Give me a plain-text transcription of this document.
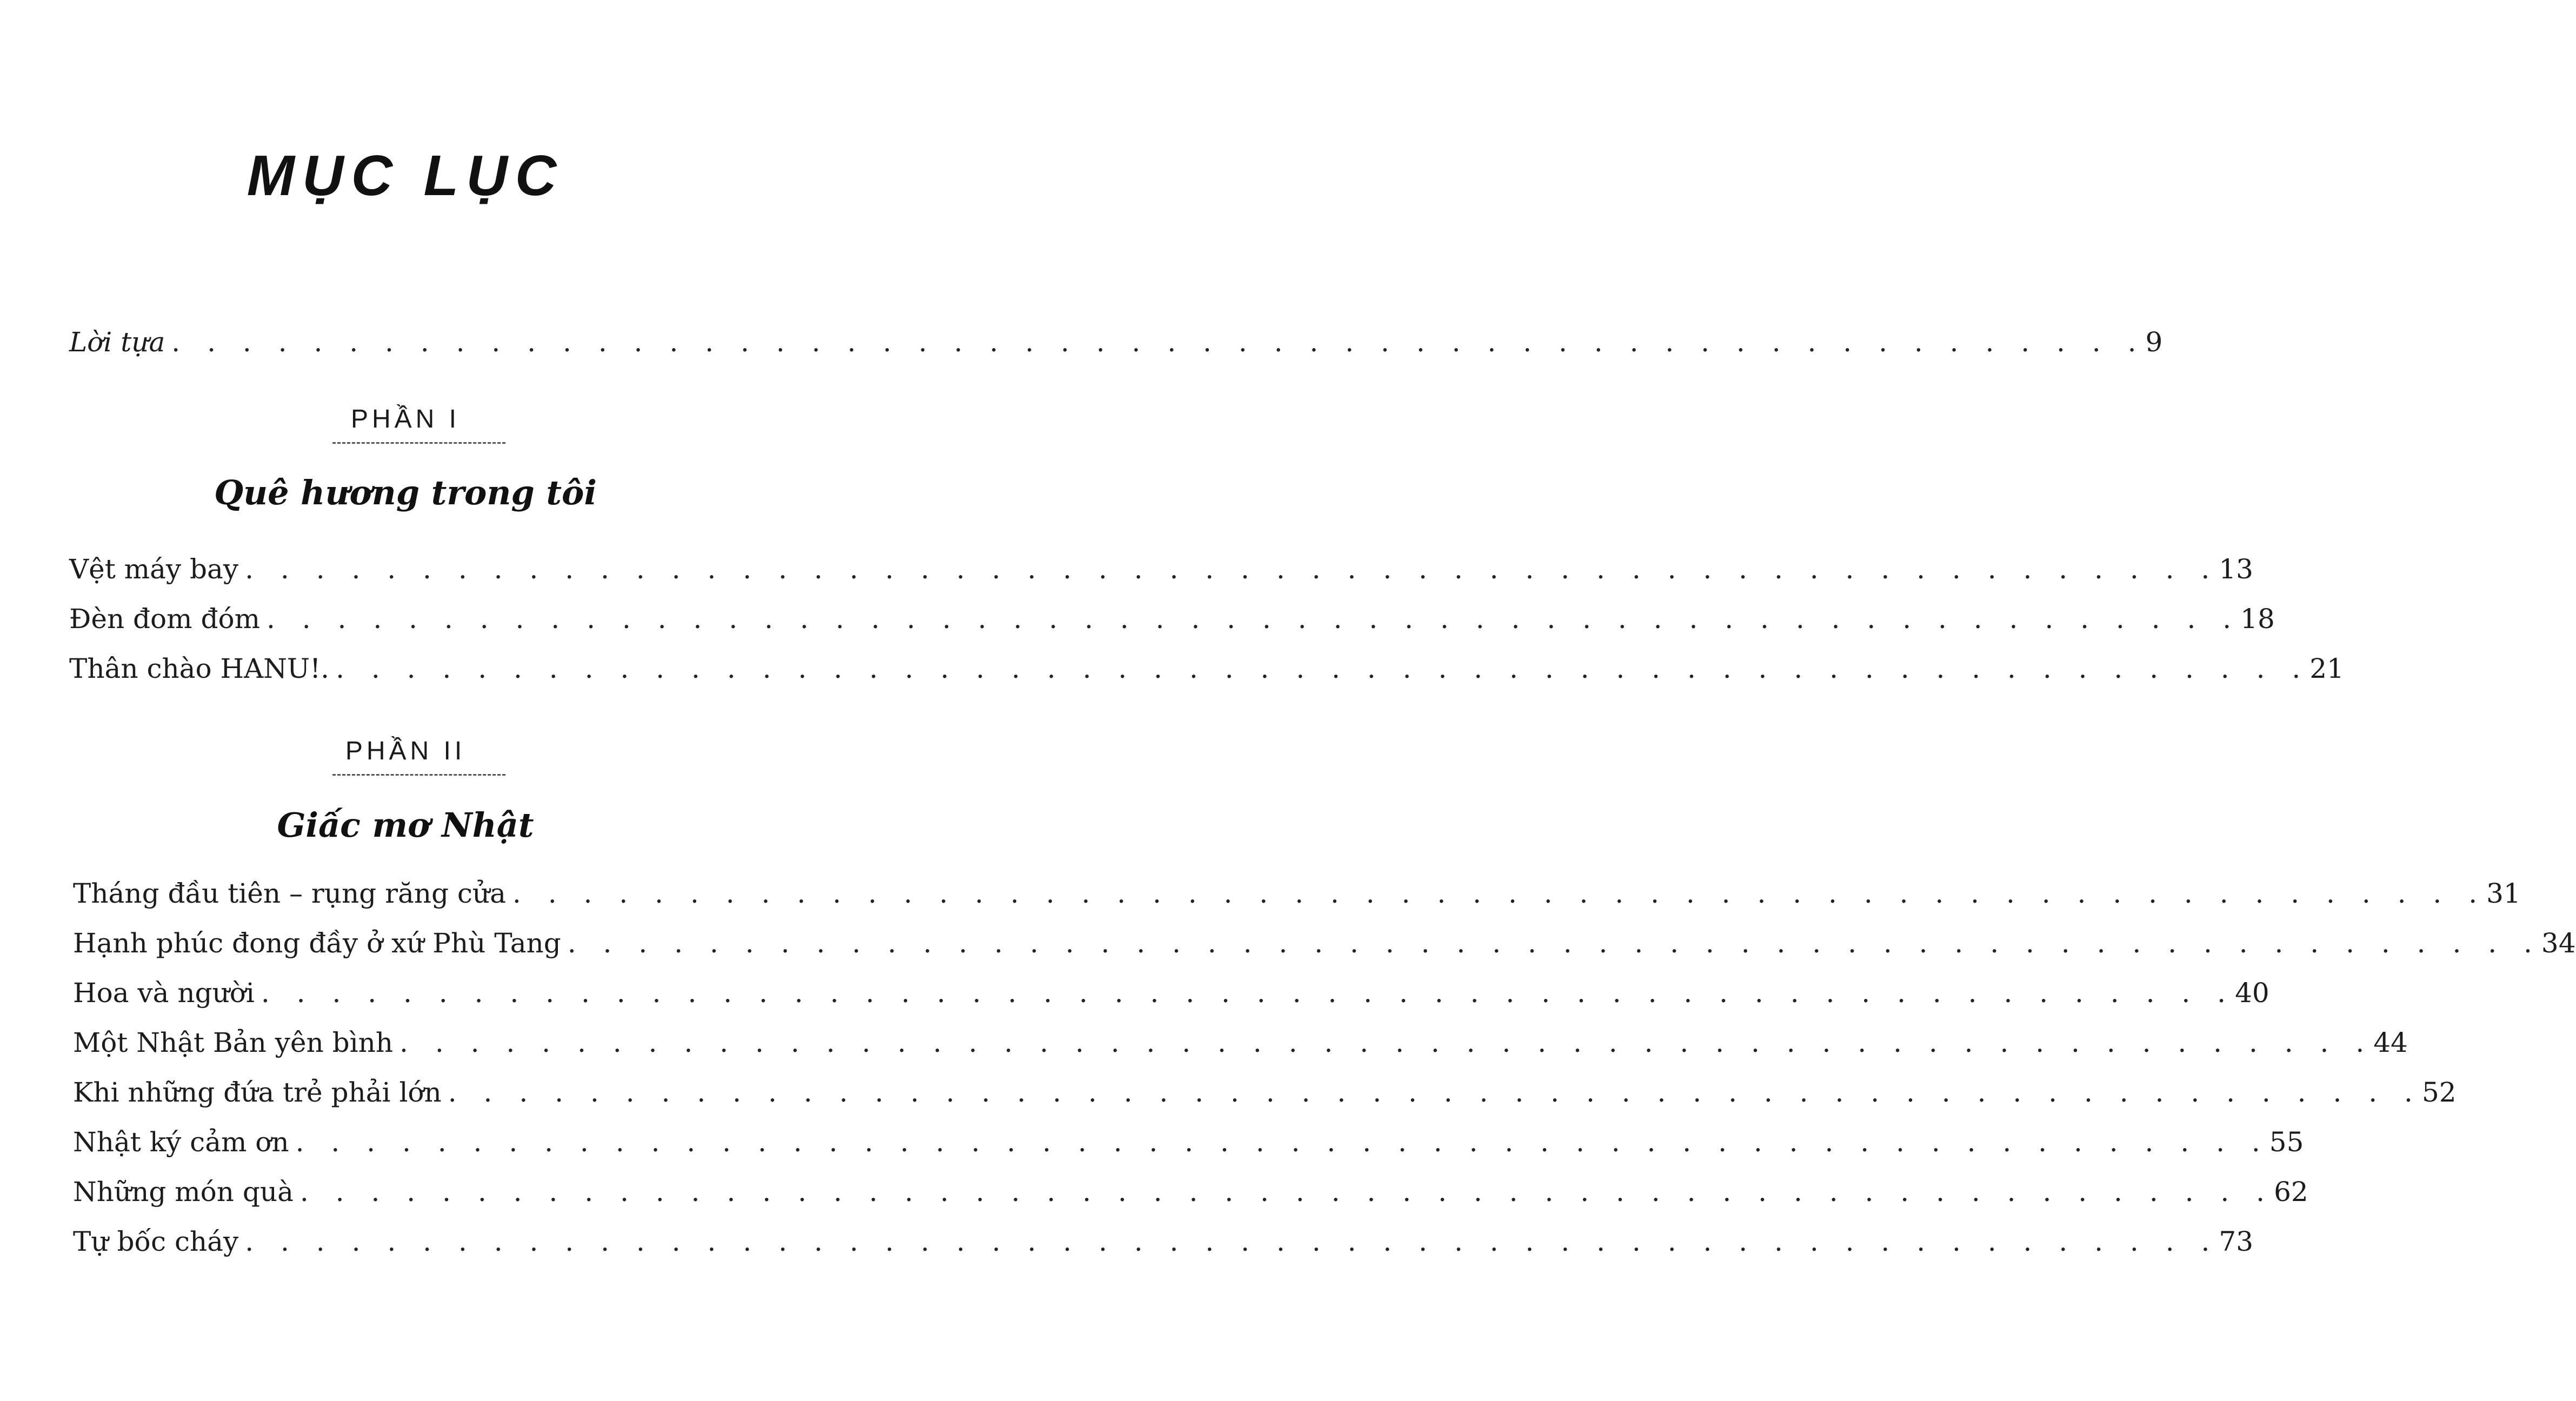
MỤC LỤC
Lời tựa . . . . . . . . . . . . . . . . . . . . . . . . . . . . . . . . . . . . . . . . . . . . . . . . . . . . . . . . 9
PHẦN I
Quê hương trong tôi
Vệt máy bay . . . . . . . . . . . . . . . . . . . . . . . . . . . . . . . . . . . . . . . . . . . . . . . . . . . . . . . . 13
Đèn đom đóm . . . . . . . . . . . . . . . . . . . . . . . . . . . . . . . . . . . . . . . . . . . . . . . . . . . . . . . . 18
Thân chào HANU!. . . . . . . . . . . . . . . . . . . . . . . . . . . . . . . . . . . . . . . . . . . . . . . . . . . . . . . . . 21
PHẦN II
Giấc mơ Nhật
Tháng đầu tiên – rụng răng cửa . . . . . . . . . . . . . . . . . . . . . . . . . . . . . . . . . . . . . . . . . . . . . . . . . . . . . . . . 31
Hạnh phúc đong đầy ở xứ Phù Tang . . . . . . . . . . . . . . . . . . . . . . . . . . . . . . . . . . . . . . . . . . . . . . . . . . . . . . . . 34
Hoa và người . . . . . . . . . . . . . . . . . . . . . . . . . . . . . . . . . . . . . . . . . . . . . . . . . . . . . . . . 40
Một Nhật Bản yên bình . . . . . . . . . . . . . . . . . . . . . . . . . . . . . . . . . . . . . . . . . . . . . . . . . . . . . . . . 44
Khi những đứa trẻ phải lớn . . . . . . . . . . . . . . . . . . . . . . . . . . . . . . . . . . . . . . . . . . . . . . . . . . . . . . . . 52
Nhật ký cảm ơn . . . . . . . . . . . . . . . . . . . . . . . . . . . . . . . . . . . . . . . . . . . . . . . . . . . . . . . . 55
Những món quà . . . . . . . . . . . . . . . . . . . . . . . . . . . . . . . . . . . . . . . . . . . . . . . . . . . . . . . . 62
Tự bốc cháy . . . . . . . . . . . . . . . . . . . . . . . . . . . . . . . . . . . . . . . . . . . . . . . . . . . . . . . . 73
